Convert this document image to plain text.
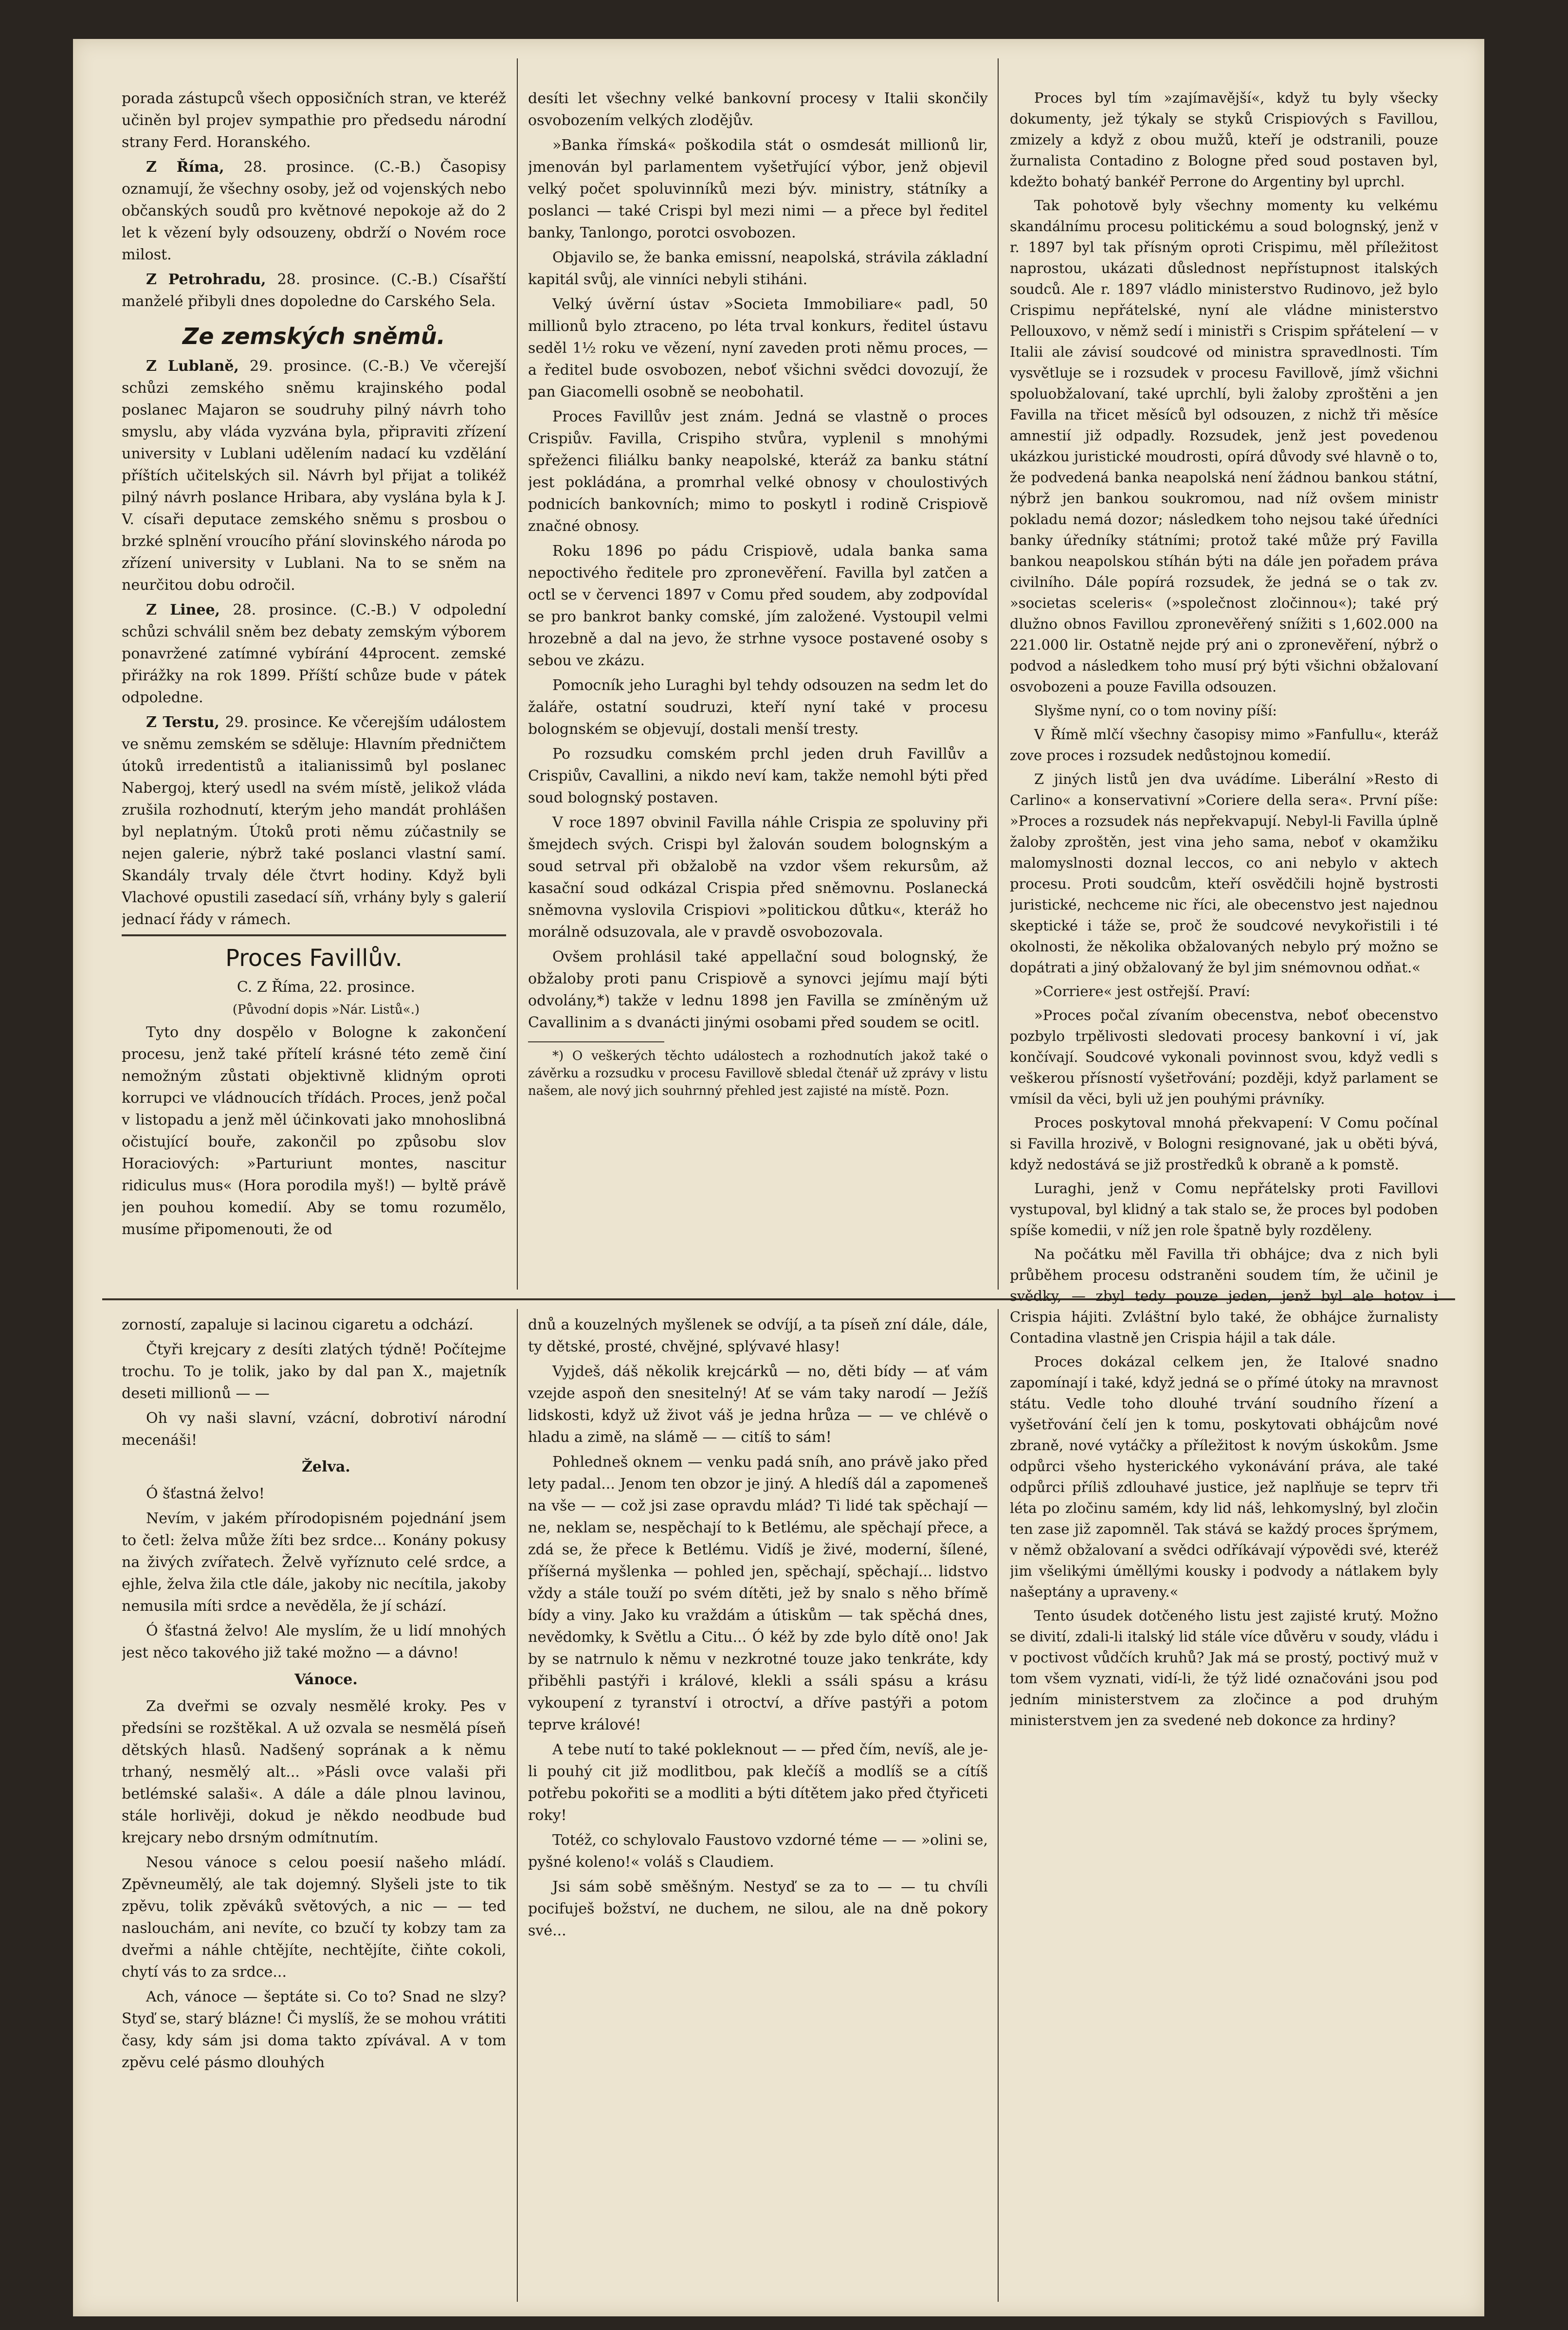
porada zástupců všech opposičních stran, ve kteréž učiněn byl projev sympathie pro předsedu národní strany Ferd. Horanského.

Z Říma, 28. prosince. (C.-B.) Časopisy oznamují, že všechny osoby, jež od vojenských nebo občanských soudů pro květnové nepokoje až do 2 let k vězení byly odsouzeny, obdrží o Novém roce milost.

Z Petrohradu, 28. prosince. (C.-B.) Císařští manželé přibyli dnes dopoledne do Carského Sela.

Ze zemských sněmů.

Z Lublaně, 29. prosince. (C.-B.) Ve včerejší schůzi zemského sněmu krajinského podal poslanec Majaron se soudruhy pilný návrh toho smyslu, aby vláda vyzvána byla, připraviti zřízení university v Lublani udělením nadací ku vzdělání příštích učitelských sil. Návrh byl přijat a tolikéž pilný návrh poslance Hribara, aby vyslána byla k J. V. císaři deputace zemského sněmu s prosbou o brzké splnění vroucího přání slovinského národa po zřízení university v Lublani. Na to se sněm na neurčitou dobu odročil.

Z Linee, 28. prosince. (C.-B.) V odpolední schůzi schválil sněm bez debaty zemským výborem ponavržené zatímné vybírání 44procent. zemské přirážky na rok 1899. Příští schůze bude v pátek odpoledne.

Z Terstu, 29. prosince. Ke včerejším událostem ve sněmu zemském se sděluje: Hlavním předničtem útoků irredentistů a italianissimů byl poslanec Nabergoj, který usedl na svém místě, jelikož vláda zrušila rozhodnutí, kterým jeho mandát prohlášen byl neplatným. Útoků proti němu zúčastnily se nejen galerie, nýbrž také poslanci vlastní samí. Skandály trvaly déle čtvrt hodiny. Když byli Vlachové opustili zasedací síň, vrhány byly s galerií jednací řády v rámech.

Proces Favillův.

C. Z Říma, 22. prosince.

(Původní dopis »Nár. Listů«.)

Tyto dny dospělo v Bologne k zakončení procesu, jenž také přítelí krásné této země činí nemožným zůstati objektivně klidným oproti korrupci ve vládnoucích třídách. Proces, jenž počal v listopadu a jenž měl účinkovati jako mnohoslibná očistující bouře, zakončil po způsobu slov Horaciových: »Parturiunt montes, nascitur ridiculus mus« (Hora porodila myš!) — byltě právě jen pouhou komedií. Aby se tomu rozumělo, musíme připomenouti, že od

desíti let všechny velké bankovní procesy v Italii skončily osvobozením velkých zlodějův.

»Banka římská« poškodila stát o osmdesát millionů lir, jmenován byl parlamentem vyšetřující výbor, jenž objevil velký počet spoluvinníků mezi býv. ministry, státníky a poslanci — také Crispi byl mezi nimi — a přece byl ředitel banky, Tanlongo, porotci osvobozen.

Objavilo se, že banka emissní, neapolská, strávila základní kapitál svůj, ale vinníci nebyli stiháni.

Velký úvěrní ústav »Societa Immobiliare« padl, 50 millionů bylo ztraceno, po léta trval konkurs, ředitel ústavu seděl 1½ roku ve vězení, nyní zaveden proti němu proces, — a ředitel bude osvobozen, neboť všichni svědci dovozují, že pan Giacomelli osobně se neobohatil.

Proces Favillův jest znám. Jedná se vlastně o proces Crispiův. Favilla, Crispiho stvůra, vyplenil s mnohými spřeženci filiálku banky neapolské, kteráž za banku státní jest pokládána, a promrhal velké obnosy v choulostivých podnicích bankovních; mimo to poskytl i rodině Crispiově značné obnosy.

Roku 1896 po pádu Crispiově, udala banka sama nepoctivého ředitele pro zpronevěření. Favilla byl zatčen a octl se v červenci 1897 v Comu před soudem, aby zodpovídal se pro bankrot banky comské, jím založené. Vystoupil velmi hrozebně a dal na jevo, že strhne vysoce postavené osoby s sebou ve zkázu.

Pomocník jeho Luraghi byl tehdy odsouzen na sedm let do žaláře, ostatní soudruzi, kteří nyní také v procesu bolognském se objevují, dostali menší tresty.

Po rozsudku comském prchl jeden druh Favillův a Crispiův, Cavallini, a nikdo neví kam, takže nemohl býti před soud bolognský postaven.

V roce 1897 obvinil Favilla náhle Crispia ze spoluviny při šmejdech svých. Crispi byl žalován soudem bolognským a soud setrval při obžalobě na vzdor všem rekursům, až kasační soud odkázal Crispia před sněmovnu. Poslanecká sněmovna vyslovila Crispiovi »politickou důtku«, kteráž ho morálně odsuzovala, ale v pravdě osvobozovala.

Ovšem prohlásil také appellační soud bolognský, že obžaloby proti panu Crispiově a synovci jejímu mají býti odvolány,*) takže v lednu 1898 jen Favilla se zmíněným už Cavallinim a s dvanácti jinými osobami před soudem se ocitl.

*) O veškerých těchto událostech a rozhodnutích jakož také o závěrku a rozsudku v procesu Favillově sbledal čtenář už zprávy v listu našem, ale nový jich souhrnný přehled jest zajisté na místě. Pozn.

Proces byl tím »zajímavější«, když tu byly všecky dokumenty, jež týkaly se styků Crispiových s Favillou, zmizely a když z obou mužů, kteří je odstranili, pouze žurnalista Contadino z Bologne před soud postaven byl, kdežto bohatý bankéř Perrone do Argentiny byl uprchl.

Tak pohotově byly všechny momenty ku velkému skandálnímu procesu politickému a soud bolognský, jenž v r. 1897 byl tak přísným oproti Crispimu, měl příležitost naprostou, ukázati důslednost nepřístupnost italských soudců. Ale r. 1897 vládlo ministerstvo Rudinovo, jež bylo Crispimu nepřátelské, nyní ale vládne ministerstvo Pellouxovo, v němž sedí i ministři s Crispim spřátelení — v Italii ale závisí soudcové od ministra spravedlnosti. Tím vysvětluje se i rozsudek v procesu Favillově, jímž všichni spoluobžalovaní, také uprchlí, byli žaloby zproštěni a jen Favilla na třicet měsíců byl odsouzen, z nichž tři měsíce amnestií již odpadly. Rozsudek, jenž jest povedenou ukázkou juristické moudrosti, opírá důvody své hlavně o to, že podvedená banka neapolská není žádnou bankou státní, nýbrž jen bankou soukromou, nad níž ovšem ministr pokladu nemá dozor; následkem toho nejsou také úředníci banky úředníky státními; protož také může prý Favilla bankou neapolskou stíhán býti na dále jen pořadem práva civilního. Dále popírá rozsudek, že jedná se o tak zv. »societas sceleris« (»společnost zločinnou«); také prý dlužno obnos Favillou zpronevěřený snížiti s 1,602.000 na 221.000 lir. Ostatně nejde prý ani o zpronevěření, nýbrž o podvod a následkem toho musí prý býti všichni obžalovaní osvobozeni a pouze Favilla odsouzen.

Slyšme nyní, co o tom noviny píší:

V Římě mlčí všechny časopisy mimo »Fanfullu«, kteráž zove proces i rozsudek nedůstojnou komedií.

Z jiných listů jen dva uvádíme. Liberální »Resto di Carlino« a konservativní »Coriere della sera«. První píše: »Proces a rozsudek nás nepřekvapují. Nebyl-li Favilla úplně žaloby zproštěn, jest vina jeho sama, neboť v okamžiku malomyslnosti doznal leccos, co ani nebylo v aktech procesu. Proti soudcům, kteří osvědčili hojně bystrosti juristické, nechceme nic říci, ale obecenstvo jest najednou skeptické i táže se, proč že soudcové nevykořistili i té okolnosti, že několika obžalovaných nebylo prý možno se dopátrati a jiný obžalovaný že byl jim snémovnou odňat.«

»Corriere« jest ostřejší. Praví:

»Proces počal zívaním obecenstva, neboť obecenstvo pozbylo trpělivosti sledovati procesy bankovní i ví, jak končívají. Soudcové vykonali povinnost svou, když vedli s veškerou přísností vyšetřování; později, když parlament se vmísil da věci, byli už jen pouhými právníky.

Proces poskytoval mnohá překvapení: V Comu počínal si Favilla hrozivě, v Bologni resignované, jak u oběti bývá, když nedostává se již prostředků k obraně a k pomstě.

Luraghi, jenž v Comu nepřátelsky proti Favillovi vystupoval, byl klidný a tak stalo se, že proces byl podoben spíše komedii, v níž jen role špatně byly rozděleny.

Na počátku měl Favilla tři obhájce; dva z nich byli průběhem procesu odstraněni soudem tím, že učinil je svědky, — zbyl tedy pouze jeden, jenž byl ale hotov i Crispia hájiti. Zvláštní bylo také, že obhájce žurnalisty Contadina vlastně jen Crispia hájil a tak dále.

Proces dokázal celkem jen, že Italové snadno zapomínají i také, když jedná se o přímé útoky na mravnost státu. Vedle toho dlouhé trvání soudního řízení a vyšetřování čelí jen k tomu, poskytovati obhájcům nové zbraně, nové vytáčky a příležitost k novým úskokům. Jsme odpůrci všeho hysterického vykonávání práva, ale také odpůrci příliš zdlouhavé justice, jež naplňuje se teprv tři léta po zločinu samém, kdy lid náš, lehkomyslný, byl zločin ten zase již zapomněl. Tak stává se každý proces šprýmem, v němž obžalovaní a svědci odříkávají výpovědi své, kteréž jim všelikými úměllými kousky i podvody a nátlakem byly našeptány a upraveny.«

Tento úsudek dotčeného listu jest zajisté krutý. Možno se divití, zdali-li italský lid stále více důvěru v soudy, vládu i v poctivost vůdčích kruhů? Jak má se prostý, poctivý muž v tom všem vyznati, vidí-li, že týž lidé označováni jsou pod jedním ministerstvem za zločince a pod druhým ministerstvem jen za svedené neb dokonce za hrdiny?

zorností, zapaluje si lacinou cigaretu a odchází.

Čtyři krejcary z desíti zlatých týdně! Počítejme trochu. To je tolik, jako by dal pan X., majetník deseti millionů — —

Oh vy naši slavní, vzácní, dobrotiví národní mecenáši!

Želva.

Ó šťastná želvo!

Nevím, v jakém přírodopisném pojednání jsem to četl: želva může žíti bez srdce... Konány pokusy na živých zvířatech. Želvě vyříznuto celé srdce, a ejhle, želva žila ctle dále, jakoby nic necítila, jakoby nemusila míti srdce a nevěděla, že jí schází.

Ó šťastná želvo! Ale myslím, že u lidí mnohých jest něco takového již také možno — a dávno!

Vánoce.

Za dveřmi se ozvaly nesmělé kroky. Pes v předsíni se rozštěkal. A už ozvala se nesmělá píseň dětských hlasů. Nadšený soprának a k němu trhaný, nesmělý alt... »Pásli ovce valaši při betlémské salaši«. A dále a dále plnou lavinou, stále horlivěji, dokud je někdo neodbude bud krejcary nebo drsným odmítnutím.

Nesou vánoce s celou poesií našeho mládí. Zpěvneumělý, ale tak dojemný. Slyšeli jste to tik zpěvu, tolik zpěváků světových, a nic — — ted naslouchám, ani nevíte, co bzučí ty kobzy tam za dveřmi a náhle chtějíte, nechtějíte, čiňte cokoli, chytí vás to za srdce...

Ach, vánoce — šeptáte si. Co to? Snad ne slzy? Styď se, starý blázne! Či myslíš, že se mohou vrátiti časy, kdy sám jsi doma takto zpívával. A v tom zpěvu celé pásmo dlouhých

dnů a kouzelných myšlenek se odvíjí, a ta píseň zní dále, dále, ty dětské, prosté, chvějné, splývavé hlasy!

Vyjdeš, dáš několik krejcárků — no, děti bídy — ať vám vzejde aspoň den snesitelný! Ať se vám taky narodí — Ježíš lidskosti, když už život váš je jedna hrůza — — ve chlévě o hladu a zimě, na slámě — — citíš to sám!

Pohledneš oknem — venku padá sníh, ano právě jako před lety padal... Jenom ten obzor je jiný. A hledíš dál a zapomeneš na vše — — což jsi zase opravdu mlád? Ti lidé tak spěchají — ne, neklam se, nespěchají to k Betlému, ale spěchají přece, a zdá se, že přece k Betlému. Vidíš je živé, moderní, šílené, příšerná myšlenka — pohled jen, spěchají, spěchají... lidstvo vždy a stále touží po svém dítěti, jež by snalo s něho břímě bídy a viny. Jako ku vraždám a útiskům — tak spěchá dnes, nevědomky, k Světlu a Citu... Ó kéž by zde bylo dítě ono! Jak by se natrnulo k němu v nezkrotné touze jako tenkráte, kdy přiběhli pastýři i králové, klekli a ssáli spásu a krásu vykoupení z tyranství i otroctví, a dříve pastýři a potom teprve králové!

A tebe nutí to také pokleknout — — před čím, nevíš, ale je-li pouhý cit již modlitbou, pak klečíš a modlíš se a cítíš potřebu pokořiti se a modliti a býti dítětem jako před čtyřiceti roky!

Totéž, co schylovalo Faustovo vzdorné téme — — »olini se, pyšné koleno!« voláš s Claudiem.

Jsi sám sobě směšným. Nestyď se za to — — tu chvíli pocifuješ božství, ne duchem, ne silou, ale na dně pokory své...
